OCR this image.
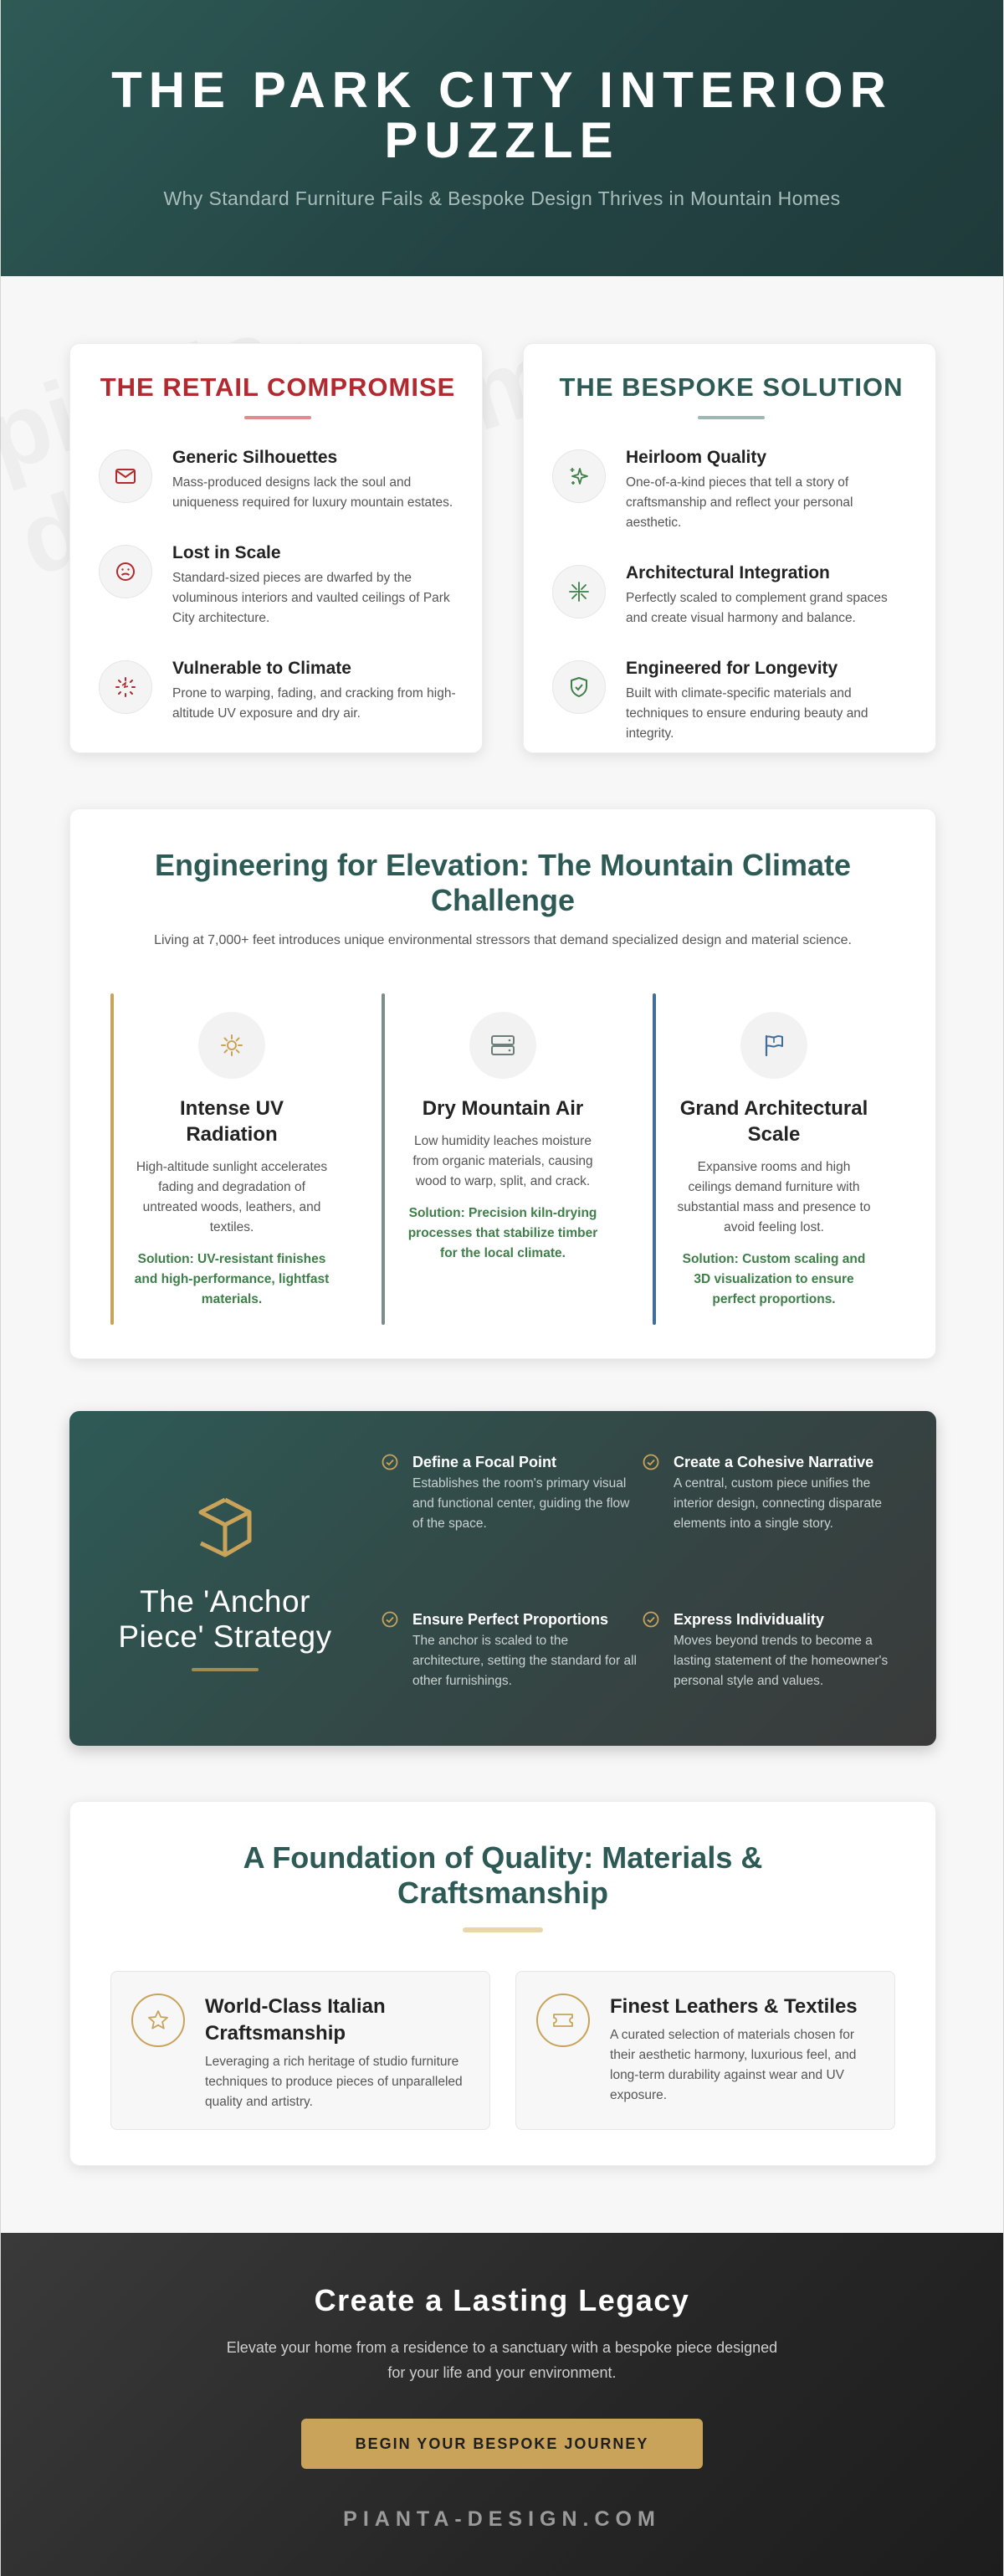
THE PARK CITY INTERIOR PUZZLE

Why Standard Furniture Fails & Bespoke Design Thrives in Mountain Homes

THE RETAIL COMPROMISE
Generic Silhouettes

Mass-produced designs lack the soul and uniqueness required for luxury mountain estates.

Lost in Scale

Standard-sized pieces are dwarfed by the voluminous interiors and vaulted ceilings of Park City architecture.

Vulnerable to Climate

Prone to warping, fading, and cracking from high-altitude UV exposure and dry air.

THE BESPOKE SOLUTION
Heirloom Quality

One-of-a-kind pieces that tell a story of craftsmanship and reflect your personal aesthetic.

Architectural Integration

Perfectly scaled to complement grand spaces and create visual harmony and balance.

Engineered for Longevity

Built with climate-specific materials and techniques to ensure enduring beauty and integrity.

Engineering for Elevation: The Mountain Climate Challenge

Living at 7,000+ feet introduces unique environmental stressors that demand specialized design and material science.

Intense UV Radiation

High-altitude sunlight accelerates fading and degradation of untreated woods, leathers, and textiles.

Solution: UV-resistant finishes and high-performance, lightfast materials.

Dry Mountain Air

Low humidity leaches moisture from organic materials, causing wood to warp, split, and crack.

Solution: Precision kiln-drying processes that stabilize timber for the local climate.

Grand Architectural Scale

Expansive rooms and high ceilings demand furniture with substantial mass and presence to avoid feeling lost.

Solution: Custom scaling and 3D visualization to ensure perfect proportions.

The 'Anchor Piece' Strategy
Define a Focal Point

Establishes the room's primary visual and functional center, guiding the flow of the space.

Create a Cohesive Narrative

A central, custom piece unifies the interior design, connecting disparate elements into a single story.

Ensure Perfect Proportions

The anchor is scaled to the architecture, setting the standard for all other furnishings.

Express Individuality

Moves beyond trends to become a lasting statement of the homeowner's personal style and values.

A Foundation of Quality: Materials & Craftsmanship
World-Class Italian Craftsmanship

Leveraging a rich heritage of studio furniture techniques to produce pieces of unparalleled quality and artistry.

Finest Leathers & Textiles

A curated selection of materials chosen for their aesthetic harmony, luxurious feel, and long-term durability against wear and UV exposure.

Create a Lasting Legacy

Elevate your home from a residence to a sanctuary with a bespoke piece designed for your life and your environment.

BEGIN YOUR BESPOKE JOURNEY
PIANTA-DESIGN.COM
